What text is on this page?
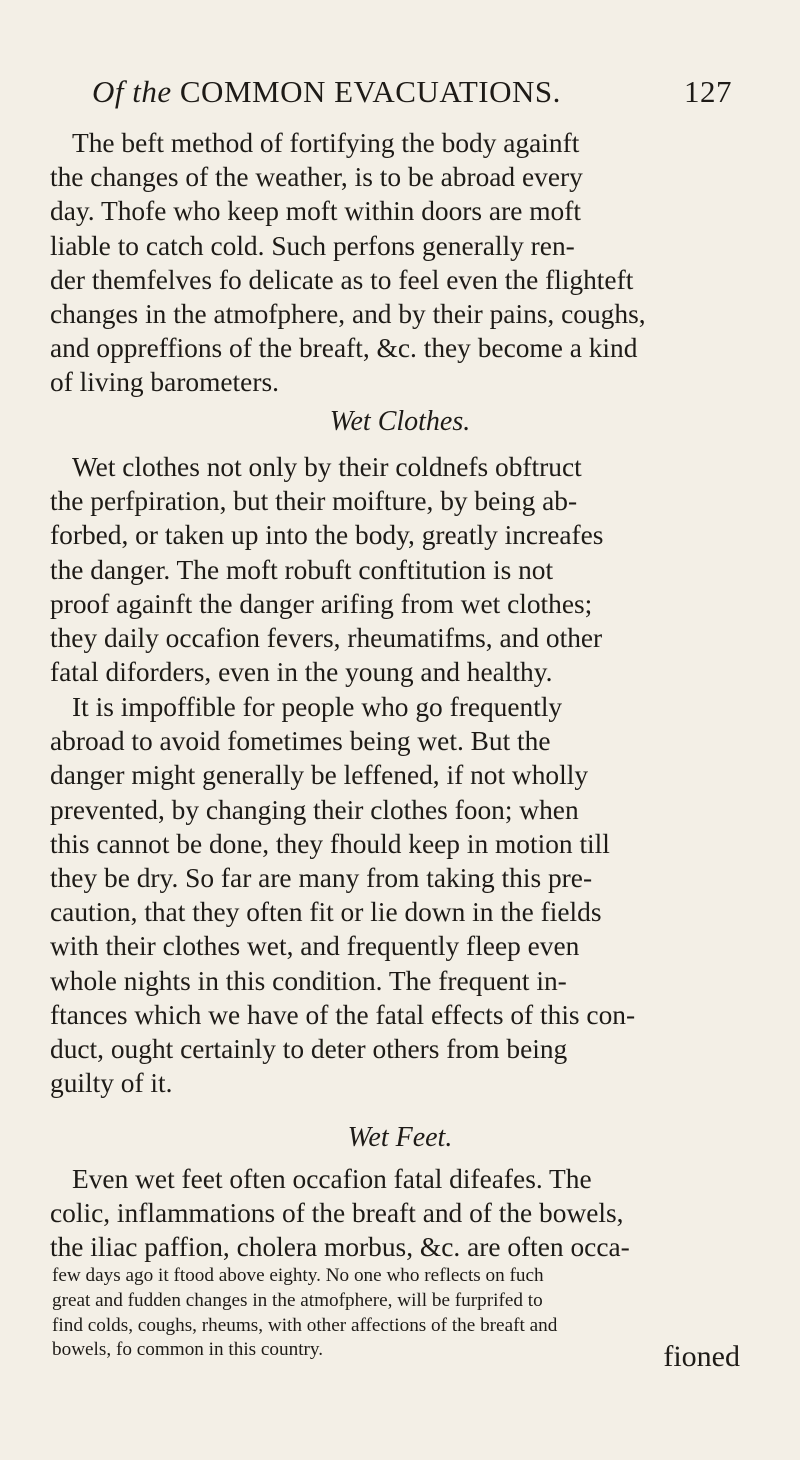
Of the COMMON EVACUATIONS.	127
The beft method of fortifying the body againft
the changes of the weather, is to be abroad every
day. Thofe who keep moft within doors are moft
liable to catch cold. Such perfons generally ren-
der themfelves fo delicate as to feel even the flighteft
changes in the atmofphere, and by their pains, coughs,
and oppreffions of the breaft, &c. they become a kind
of living barometers.
Wet Clothes.
Wet clothes not only by their coldnefs obftruct
the perfpiration, but their moifture, by being ab-
forbed, or taken up into the body, greatly increafes
the danger. The moft robuft conftitution is not
proof againft the danger arifing from wet clothes;
they daily occafion fevers, rheumatifms, and other
fatal diforders, even in the young and healthy.
It is impoffible for people who go frequently
abroad to avoid fometimes being wet. But the
danger might generally be leffened, if not wholly
prevented, by changing their clothes foon; when
this cannot be done, they fhould keep in motion till
they be dry. So far are many from taking this pre-
caution, that they often fit or lie down in the fields
with their clothes wet, and frequently fleep even
whole nights in this condition. The frequent in-
ftances which we have of the fatal effects of this con-
duct, ought certainly to deter others from being
guilty of it.
Wet Feet.
Even wet feet often occafion fatal difeafes. The
colic, inflammations of the breaft and of the bowels,
the iliac paffion, cholera morbus, &c. are often occa-
few days ago it ftood above eighty. No one who reflects on fuch
great and fudden changes in the atmofphere, will be furprifed to
find colds, coughs, rheums, with other affections of the breaft and
bowels, fo common in this country.	fioned
